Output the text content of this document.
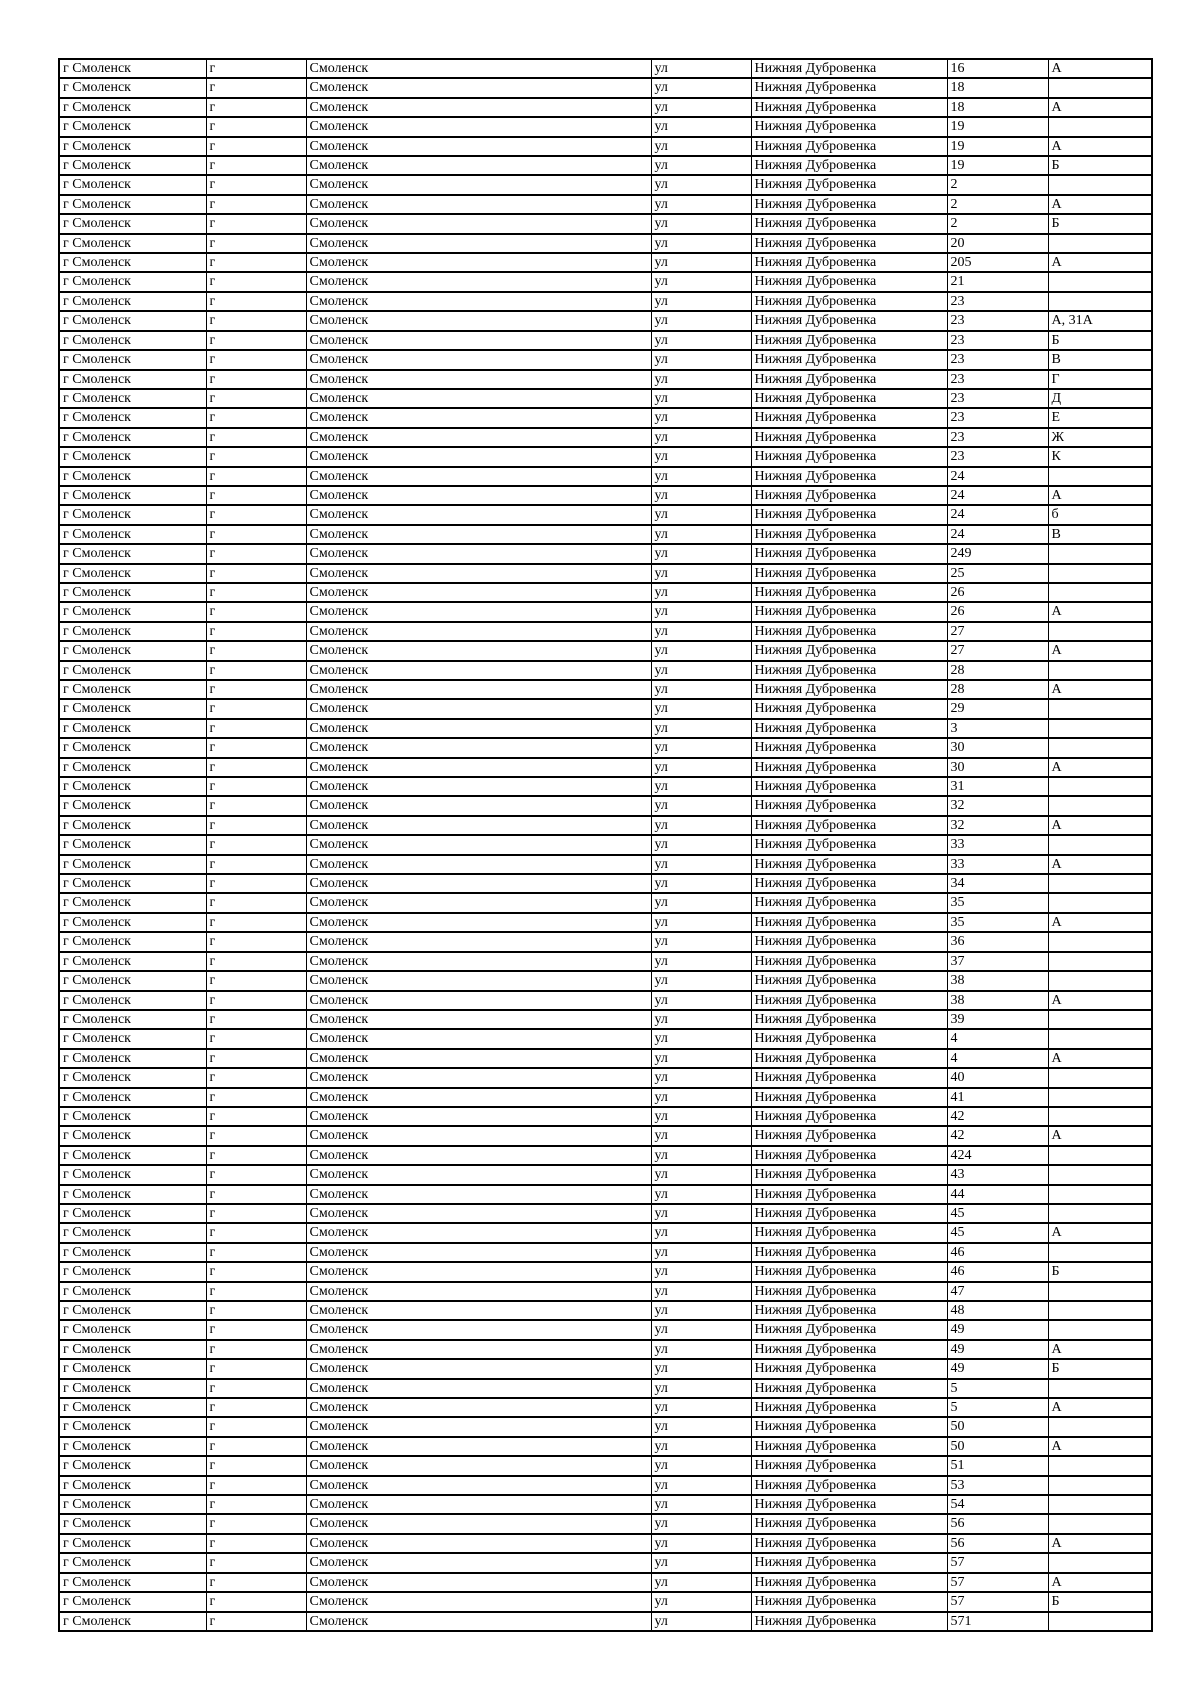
г Смоленск	г	Смоленск	ул	Нижняя Дубровенка	16	А
г Смоленск	г	Смоленск	ул	Нижняя Дубровенка	18	
г Смоленск	г	Смоленск	ул	Нижняя Дубровенка	18	А
г Смоленск	г	Смоленск	ул	Нижняя Дубровенка	19	
г Смоленск	г	Смоленск	ул	Нижняя Дубровенка	19	А
г Смоленск	г	Смоленск	ул	Нижняя Дубровенка	19	Б
г Смоленск	г	Смоленск	ул	Нижняя Дубровенка	2	
г Смоленск	г	Смоленск	ул	Нижняя Дубровенка	2	А
г Смоленск	г	Смоленск	ул	Нижняя Дубровенка	2	Б
г Смоленск	г	Смоленск	ул	Нижняя Дубровенка	20	
г Смоленск	г	Смоленск	ул	Нижняя Дубровенка	205	А
г Смоленск	г	Смоленск	ул	Нижняя Дубровенка	21	
г Смоленск	г	Смоленск	ул	Нижняя Дубровенка	23	
г Смоленск	г	Смоленск	ул	Нижняя Дубровенка	23	А, 31А
г Смоленск	г	Смоленск	ул	Нижняя Дубровенка	23	Б
г Смоленск	г	Смоленск	ул	Нижняя Дубровенка	23	В
г Смоленск	г	Смоленск	ул	Нижняя Дубровенка	23	Г
г Смоленск	г	Смоленск	ул	Нижняя Дубровенка	23	Д
г Смоленск	г	Смоленск	ул	Нижняя Дубровенка	23	Е
г Смоленск	г	Смоленск	ул	Нижняя Дубровенка	23	Ж
г Смоленск	г	Смоленск	ул	Нижняя Дубровенка	23	К
г Смоленск	г	Смоленск	ул	Нижняя Дубровенка	24	
г Смоленск	г	Смоленск	ул	Нижняя Дубровенка	24	А
г Смоленск	г	Смоленск	ул	Нижняя Дубровенка	24	б
г Смоленск	г	Смоленск	ул	Нижняя Дубровенка	24	В
г Смоленск	г	Смоленск	ул	Нижняя Дубровенка	249	
г Смоленск	г	Смоленск	ул	Нижняя Дубровенка	25	
г Смоленск	г	Смоленск	ул	Нижняя Дубровенка	26	
г Смоленск	г	Смоленск	ул	Нижняя Дубровенка	26	А
г Смоленск	г	Смоленск	ул	Нижняя Дубровенка	27	
г Смоленск	г	Смоленск	ул	Нижняя Дубровенка	27	А
г Смоленск	г	Смоленск	ул	Нижняя Дубровенка	28	
г Смоленск	г	Смоленск	ул	Нижняя Дубровенка	28	А
г Смоленск	г	Смоленск	ул	Нижняя Дубровенка	29	
г Смоленск	г	Смоленск	ул	Нижняя Дубровенка	3	
г Смоленск	г	Смоленск	ул	Нижняя Дубровенка	30	
г Смоленск	г	Смоленск	ул	Нижняя Дубровенка	30	А
г Смоленск	г	Смоленск	ул	Нижняя Дубровенка	31	
г Смоленск	г	Смоленск	ул	Нижняя Дубровенка	32	
г Смоленск	г	Смоленск	ул	Нижняя Дубровенка	32	А
г Смоленск	г	Смоленск	ул	Нижняя Дубровенка	33	
г Смоленск	г	Смоленск	ул	Нижняя Дубровенка	33	А
г Смоленск	г	Смоленск	ул	Нижняя Дубровенка	34	
г Смоленск	г	Смоленск	ул	Нижняя Дубровенка	35	
г Смоленск	г	Смоленск	ул	Нижняя Дубровенка	35	А
г Смоленск	г	Смоленск	ул	Нижняя Дубровенка	36	
г Смоленск	г	Смоленск	ул	Нижняя Дубровенка	37	
г Смоленск	г	Смоленск	ул	Нижняя Дубровенка	38	
г Смоленск	г	Смоленск	ул	Нижняя Дубровенка	38	А
г Смоленск	г	Смоленск	ул	Нижняя Дубровенка	39	
г Смоленск	г	Смоленск	ул	Нижняя Дубровенка	4	
г Смоленск	г	Смоленск	ул	Нижняя Дубровенка	4	А
г Смоленск	г	Смоленск	ул	Нижняя Дубровенка	40	
г Смоленск	г	Смоленск	ул	Нижняя Дубровенка	41	
г Смоленск	г	Смоленск	ул	Нижняя Дубровенка	42	
г Смоленск	г	Смоленск	ул	Нижняя Дубровенка	42	А
г Смоленск	г	Смоленск	ул	Нижняя Дубровенка	424	
г Смоленск	г	Смоленск	ул	Нижняя Дубровенка	43	
г Смоленск	г	Смоленск	ул	Нижняя Дубровенка	44	
г Смоленск	г	Смоленск	ул	Нижняя Дубровенка	45	
г Смоленск	г	Смоленск	ул	Нижняя Дубровенка	45	А
г Смоленск	г	Смоленск	ул	Нижняя Дубровенка	46	
г Смоленск	г	Смоленск	ул	Нижняя Дубровенка	46	Б
г Смоленск	г	Смоленск	ул	Нижняя Дубровенка	47	
г Смоленск	г	Смоленск	ул	Нижняя Дубровенка	48	
г Смоленск	г	Смоленск	ул	Нижняя Дубровенка	49	
г Смоленск	г	Смоленск	ул	Нижняя Дубровенка	49	А
г Смоленск	г	Смоленск	ул	Нижняя Дубровенка	49	Б
г Смоленск	г	Смоленск	ул	Нижняя Дубровенка	5	
г Смоленск	г	Смоленск	ул	Нижняя Дубровенка	5	А
г Смоленск	г	Смоленск	ул	Нижняя Дубровенка	50	
г Смоленск	г	Смоленск	ул	Нижняя Дубровенка	50	А
г Смоленск	г	Смоленск	ул	Нижняя Дубровенка	51	
г Смоленск	г	Смоленск	ул	Нижняя Дубровенка	53	
г Смоленск	г	Смоленск	ул	Нижняя Дубровенка	54	
г Смоленск	г	Смоленск	ул	Нижняя Дубровенка	56	
г Смоленск	г	Смоленск	ул	Нижняя Дубровенка	56	А
г Смоленск	г	Смоленск	ул	Нижняя Дубровенка	57	
г Смоленск	г	Смоленск	ул	Нижняя Дубровенка	57	А
г Смоленск	г	Смоленск	ул	Нижняя Дубровенка	57	Б
г Смоленск	г	Смоленск	ул	Нижняя Дубровенка	571	
